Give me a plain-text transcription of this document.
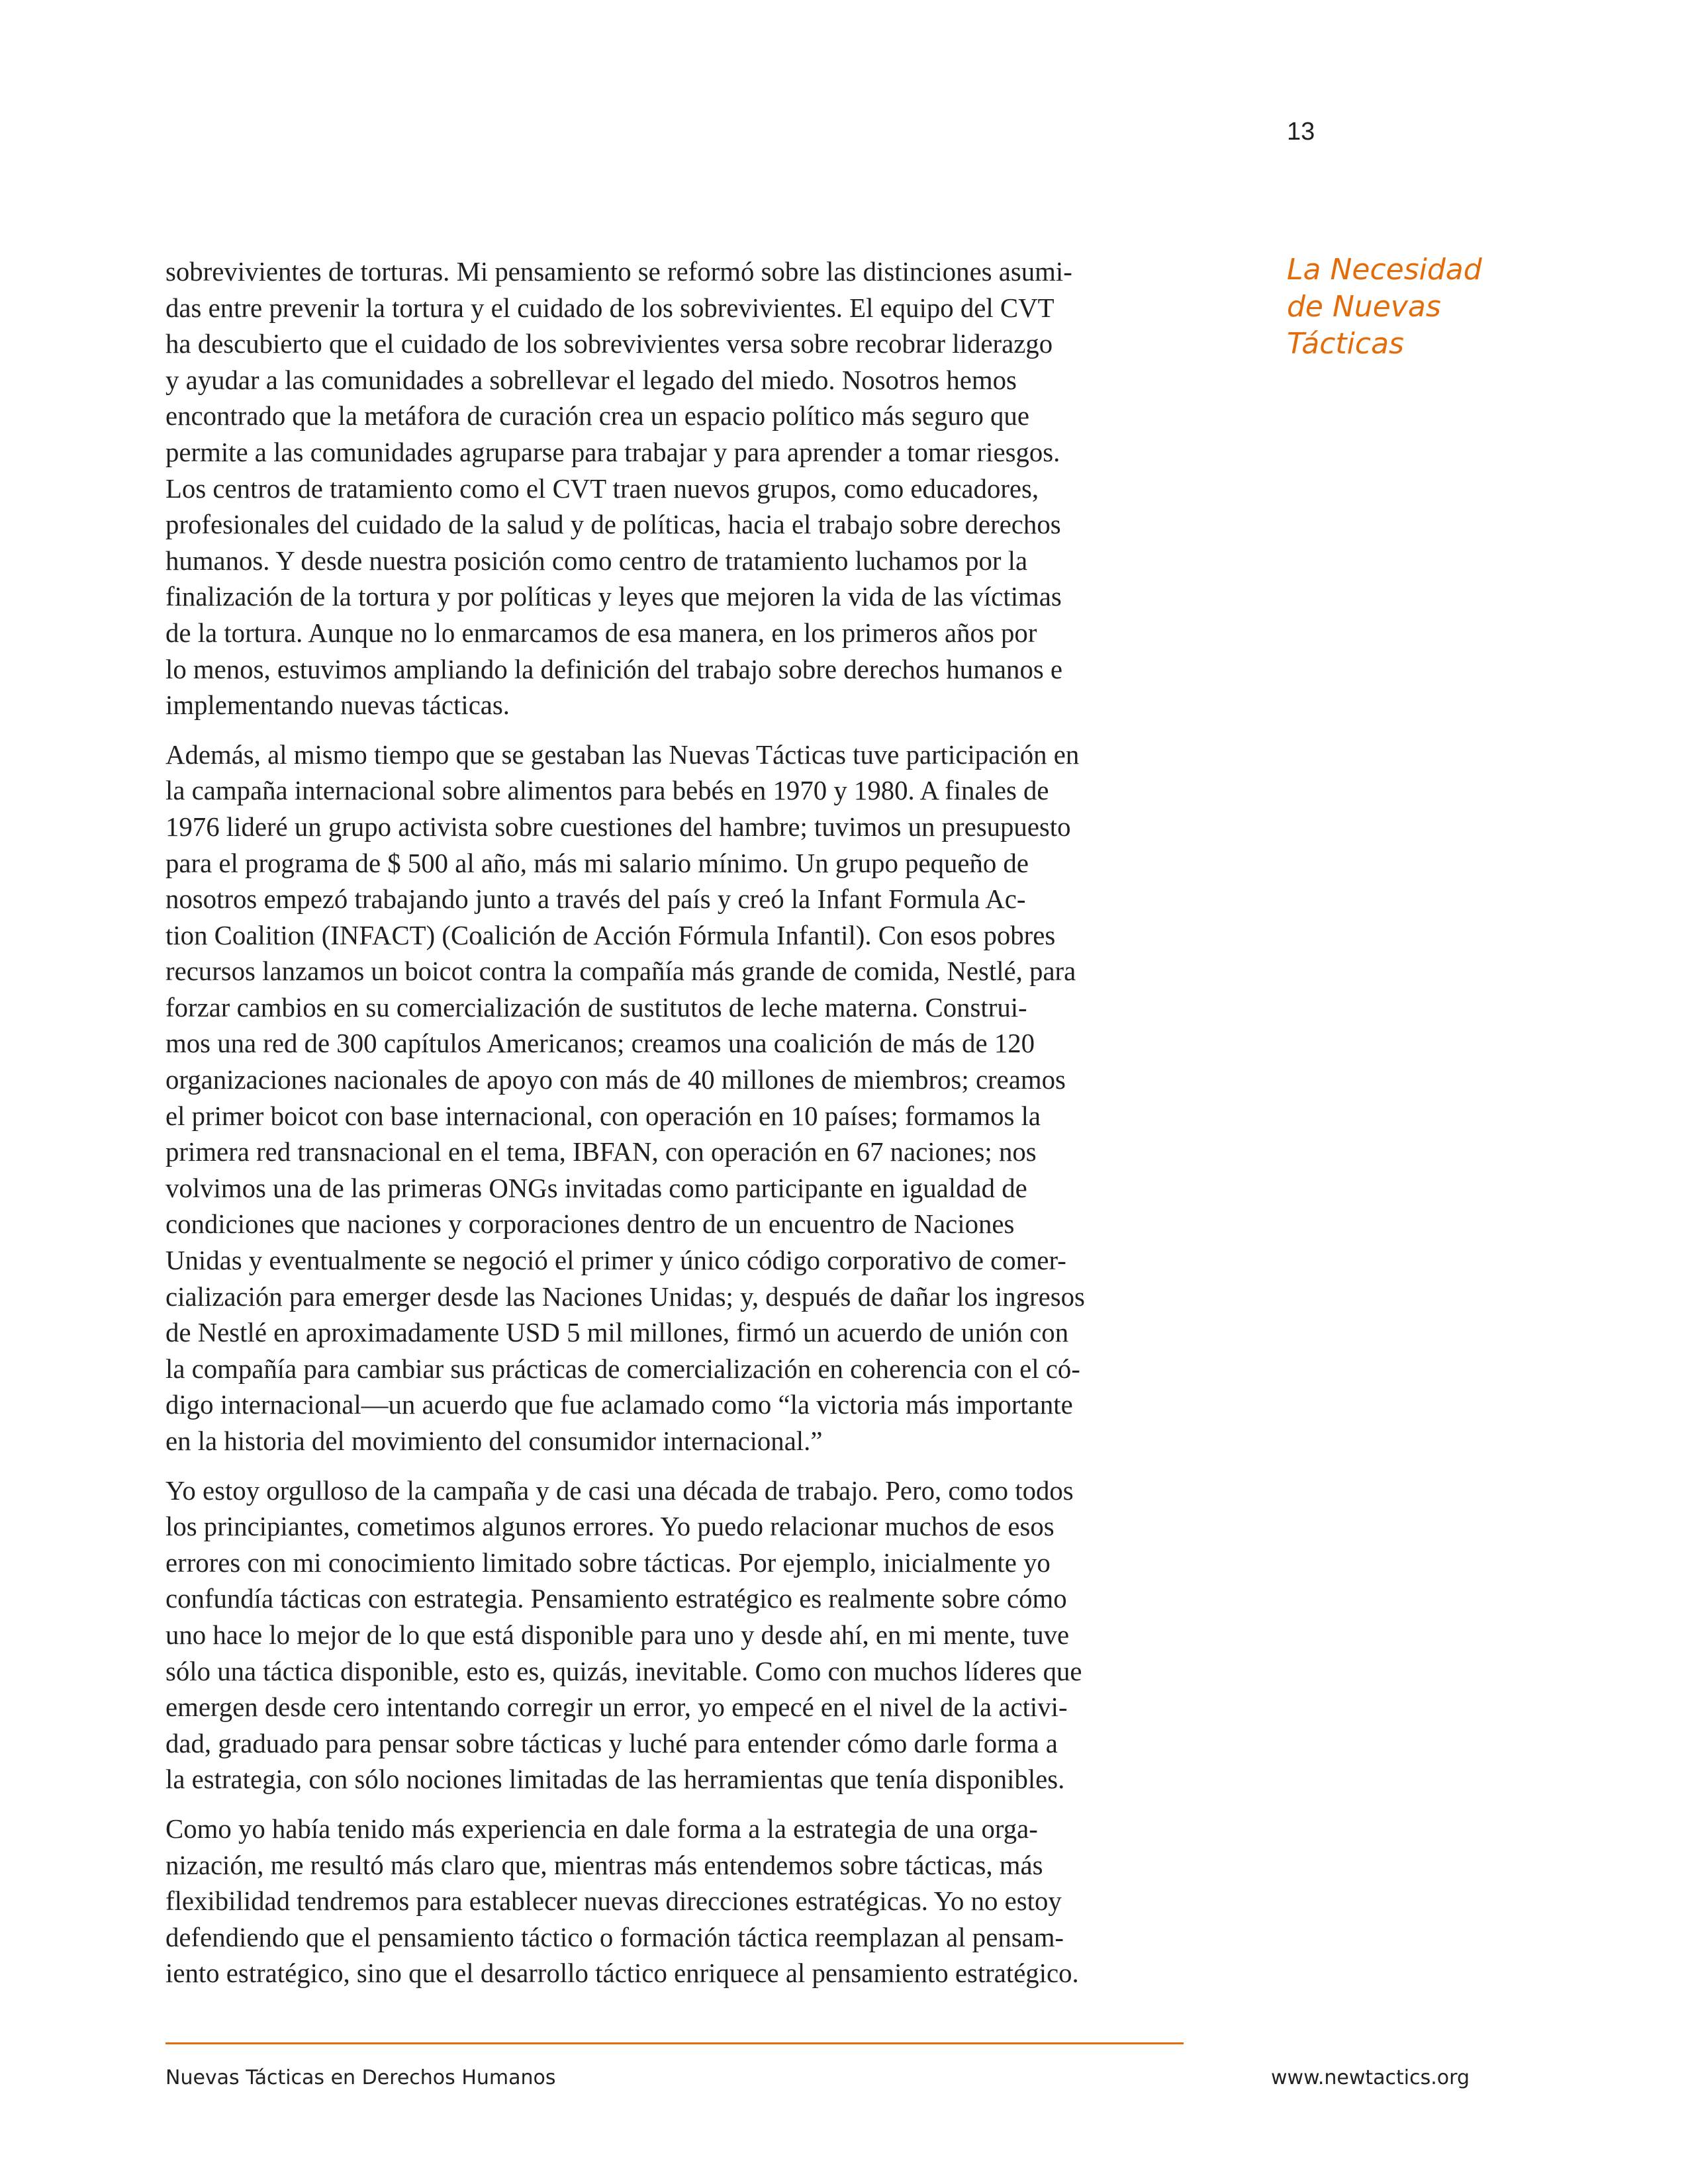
13
La Necesidad
de Nuevas Tácticas

sobrevivientes de torturas. Mi pensamiento se reformó sobre las distinciones asumi-
das entre prevenir la tortura y el cuidado de los sobrevivientes. El equipo del CVT
ha descubierto que el cuidado de los sobrevivientes versa sobre recobrar liderazgo
y ayudar a las comunidades a sobrellevar el legado del miedo. Nosotros hemos
encontrado que la metáfora de curación crea un espacio político más seguro que
permite a las comunidades agruparse para trabajar y para aprender a tomar riesgos.
Los centros de tratamiento como el CVT traen nuevos grupos, como educadores,
profesionales del cuidado de la salud y de políticas, hacia el trabajo sobre derechos
humanos. Y desde nuestra posición como centro de tratamiento luchamos por la
finalización de la tortura y por políticas y leyes que mejoren la vida de las víctimas
de la tortura. Aunque no lo enmarcamos de esa manera, en los primeros años por
lo menos, estuvimos ampliando la definición del trabajo sobre derechos humanos e
implementando nuevas tácticas.

Además, al mismo tiempo que se gestaban las Nuevas Tácticas tuve participación en
la campaña internacional sobre alimentos para bebés en 1970 y 1980. A finales de
1976 lideré un grupo activista sobre cuestiones del hambre; tuvimos un presupuesto
para el programa de $ 500 al año, más mi salario mínimo. Un grupo pequeño de
nosotros empezó trabajando junto a través del país y creó la Infant Formula Ac-
tion Coalition (INFACT) (Coalición de Acción Fórmula Infantil). Con esos pobres
recursos lanzamos un boicot contra la compañía más grande de comida, Nestlé, para
forzar cambios en su comercialización de sustitutos de leche materna. Construi-
mos una red de 300 capítulos Americanos; creamos una coalición de más de 120
organizaciones nacionales de apoyo con más de 40 millones de miembros; creamos
el primer boicot con base internacional, con operación en 10 países; formamos la
primera red transnacional en el tema, IBFAN, con operación en 67 naciones; nos
volvimos una de las primeras ONGs invitadas como participante en igualdad de
condiciones que naciones y corporaciones dentro de un encuentro de Naciones
Unidas y eventualmente se negoció el primer y único código corporativo de comer-
cialización para emerger desde las Naciones Unidas; y, después de dañar los ingresos
de Nestlé en aproximadamente USD 5 mil millones, firmó un acuerdo de unión con
la compañía para cambiar sus prácticas de comercialización en coherencia con el có-
digo internacional—un acuerdo que fue aclamado como “la victoria más importante
en la historia del movimiento del consumidor internacional.”

Yo estoy orgulloso de la campaña y de casi una década de trabajo. Pero, como todos
los principiantes, cometimos algunos errores. Yo puedo relacionar muchos de esos
errores con mi conocimiento limitado sobre tácticas. Por ejemplo, inicialmente yo
confundía tácticas con estrategia. Pensamiento estratégico es realmente sobre cómo
uno hace lo mejor de lo que está disponible para uno y desde ahí, en mi mente, tuve
sólo una táctica disponible, esto es, quizás, inevitable. Como con muchos líderes que
emergen desde cero intentando corregir un error, yo empecé en el nivel de la activi-
dad, graduado para pensar sobre tácticas y luché para entender cómo darle forma a
la estrategia, con sólo nociones limitadas de las herramientas que tenía disponibles.

Como yo había tenido más experiencia en dale forma a la estrategia de una orga-
nización, me resultó más claro que, mientras más entendemos sobre tácticas, más
flexibilidad tendremos para establecer nuevas direcciones estratégicas. Yo no estoy
defendiendo que el pensamiento táctico o formación táctica reemplazan al pensam-
iento estratégico, sino que el desarrollo táctico enriquece al pensamiento estratégico.

Nuevas Tácticas en Derechos Humanos	www.newtactics.org
